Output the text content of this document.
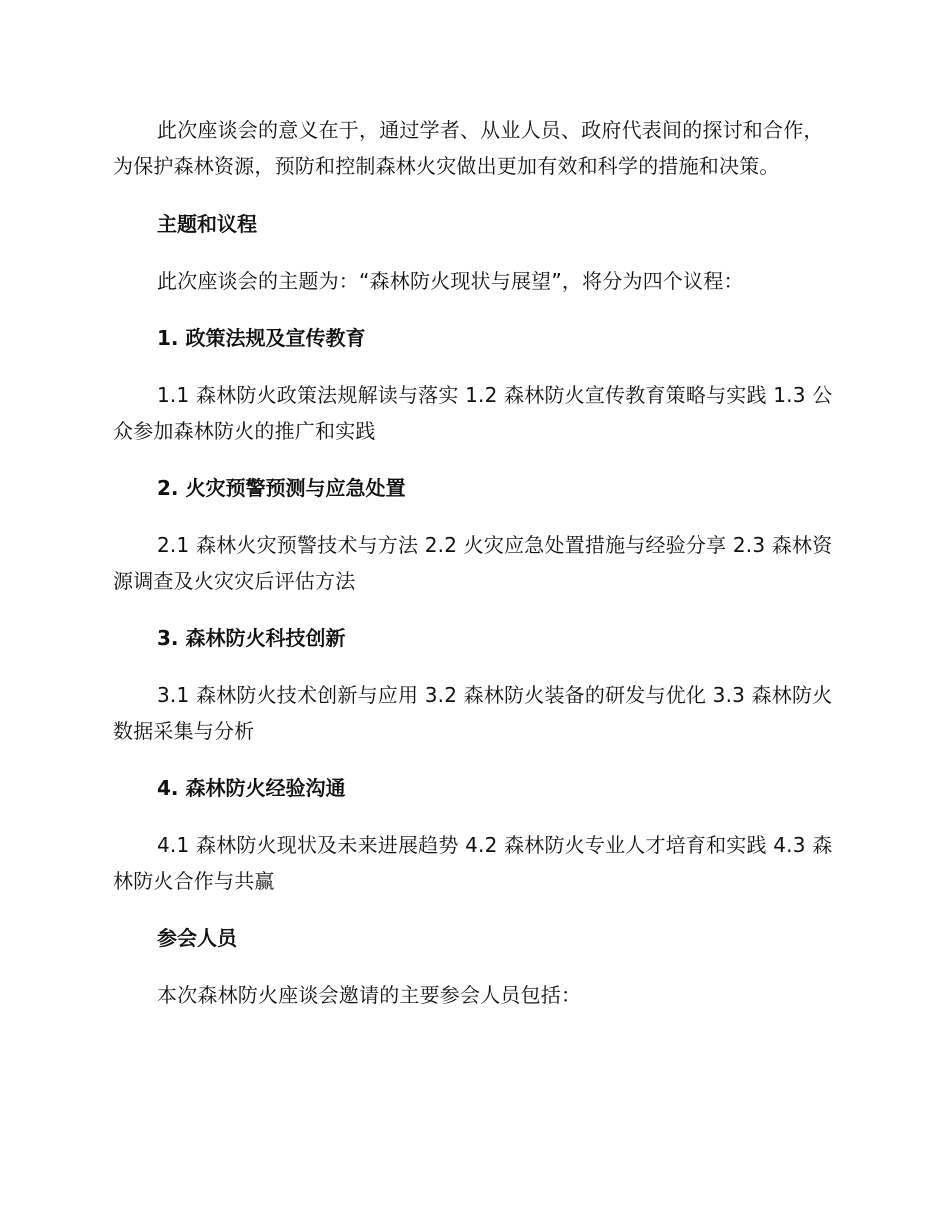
此次座谈会的意义在于，通过学者、从业人员、政府代表间的探讨和合作，为保护森林资源，预防和控制森林火灾做出更加有效和科学的措施和决策。

主题和议程

此次座谈会的主题为：“森林防火现状与展望”，将分为四个议程：

1. 政策法规及宣传教育

1.1 森林防火政策法规解读与落实 1.2 森林防火宣传教育策略与实践 1.3 公众参加森林防火的推广和实践

2. 火灾预警预测与应急处置

2.1 森林火灾预警技术与方法 2.2 火灾应急处置措施与经验分享 2.3 森林资源调查及火灾灾后评估方法

3. 森林防火科技创新

3.1 森林防火技术创新与应用 3.2 森林防火装备的研发与优化 3.3 森林防火数据采集与分析

4. 森林防火经验沟通

4.1 森林防火现状及未来进展趋势 4.2 森林防火专业人才培育和实践 4.3 森林防火合作与共赢

参会人员

本次森林防火座谈会邀请的主要参会人员包括：
